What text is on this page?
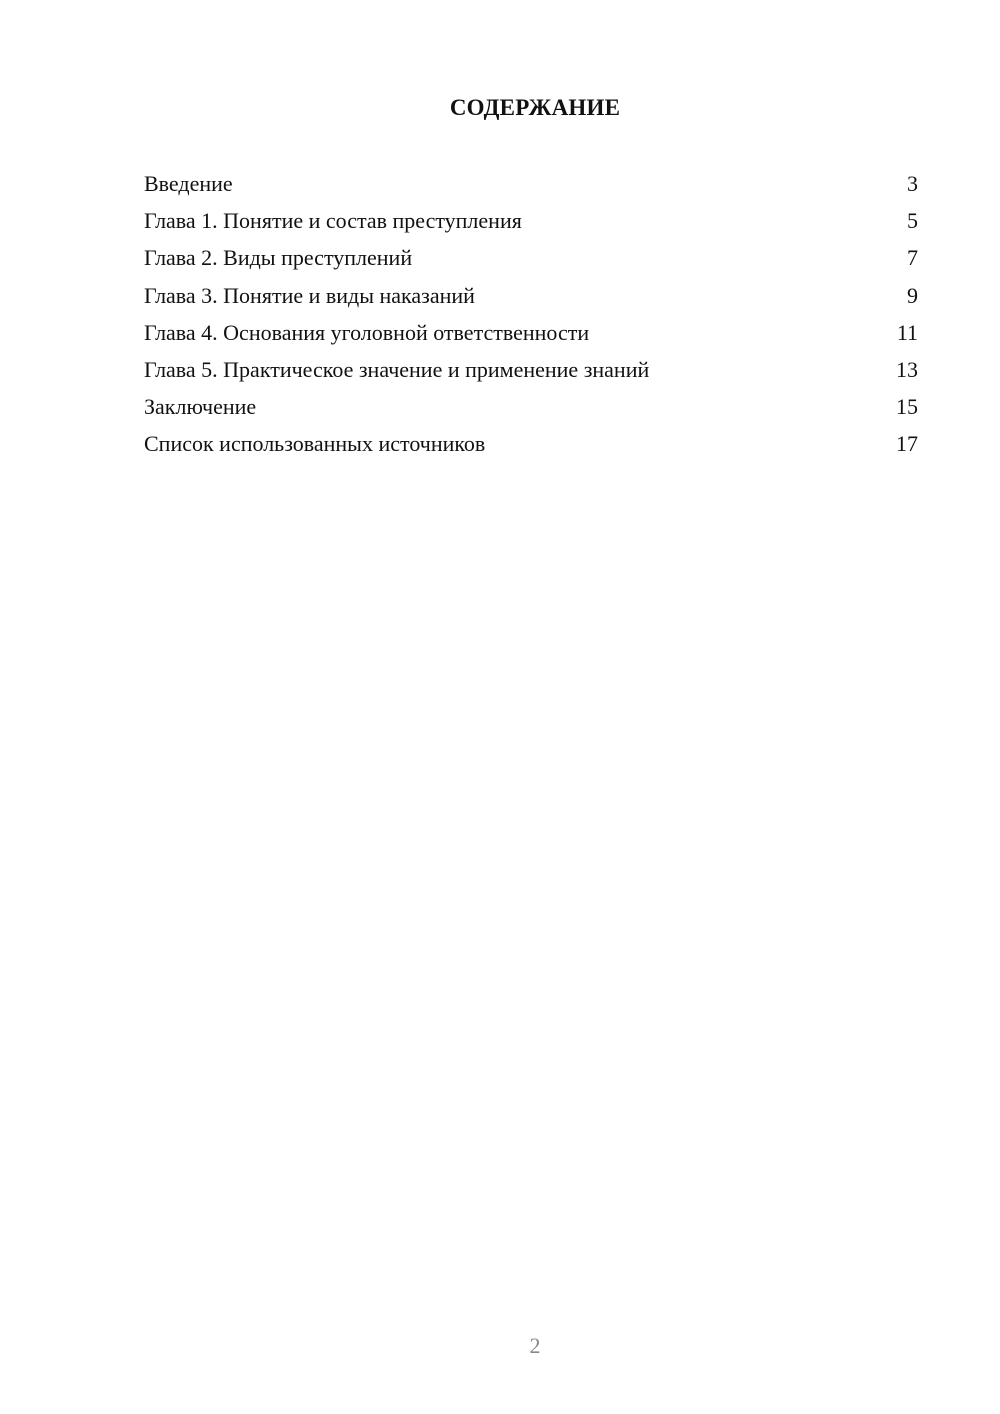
СОДЕРЖАНИЕ
Введение	3
Глава 1. Понятие и состав преступления	5
Глава 2. Виды преступлений	7
Глава 3. Понятие и виды наказаний	9
Глава 4. Основания уголовной ответственности	11
Глава 5. Практическое значение и применение знаний	13
Заключение	15
Список использованных источников	17
2
